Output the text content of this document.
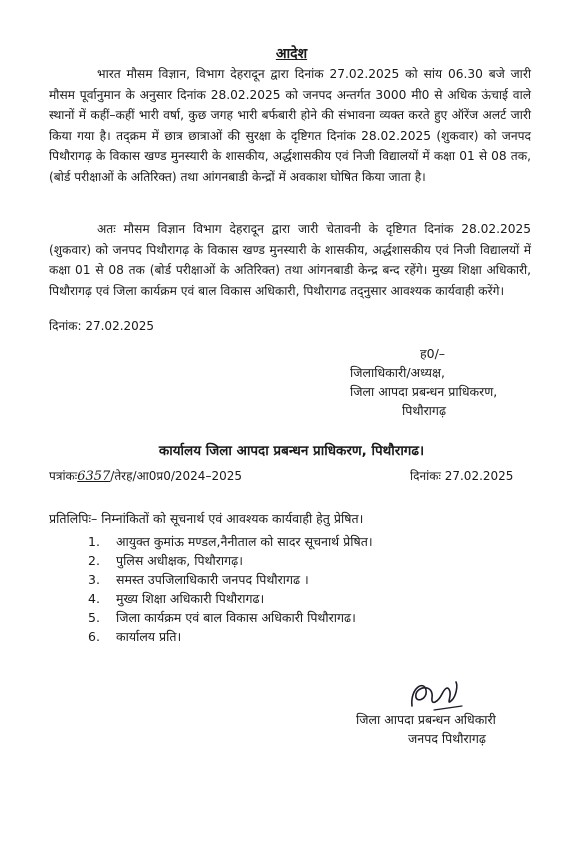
आदेश
भारत मौसम विज्ञान, विभाग देहरादून द्वारा दिनांक 27.02.2025 को सांय 06.30 बजे जारी मौसम पूर्वानुमान के अनुसार दिनांक 28.02.2025 को जनपद अन्तर्गत 3000 मी0 से अधिक ऊंचाई वाले स्थानों में कहीं–कहीं भारी वर्षा, कुछ जगह भारी बर्फबारी होने की संभावना व्यक्त करते हुए ऑरेंज अलर्ट जारी किया गया है। तद्क्रम में छात्र छात्राओं की सुरक्षा के दृष्टिगत दिनांक 28.02.2025 (शुकवार) को जनपद पिथौरागढ़ के विकास खण्ड मुनस्यारी के शासकीय, अर्द्धशासकीय एवं निजी विद्यालयों में कक्षा 01 से 08 तक, (बोर्ड परीक्षाओं के अतिरिक्त) तथा आंगनबाडी केन्द्रों में अवकाश घोषित किया जाता है।
अतः मौसम विज्ञान विभाग देहरादून द्वारा जारी चेतावनी के दृष्टिगत दिनांक 28.02.2025 (शुकवार) को जनपद पिथौरागढ़ के विकास खण्ड मुनस्यारी के शासकीय, अर्द्धशासकीय एवं निजी विद्यालयों में कक्षा 01 से 08 तक (बोर्ड परीक्षाओं के अतिरिक्त) तथा आंगनबाडी केन्द्र बन्द रहेंगे। मुख्य शिक्षा अधिकारी, पिथौरागढ़ एवं जिला कार्यक्रम एवं बाल विकास अधिकारी, पिथौरागढ तद्नुसार आवश्यक कार्यवाही करेंगे।
दिनांक: 27.02.2025
ह0/–
जिलाधिकारी/अध्यक्ष,
जिला आपदा प्रबन्धन प्राधिकरण,
पिथौरागढ़
कार्यालय जिला आपदा प्रबन्धन प्राधिकरण, पिथौरागढ।
पत्रांकः6357/तेरह/आ0प्र0/2024–2025	दिनांकः 27.02.2025
प्रतिलिपिः– निम्नांकितों को सूचनार्थ एवं आवश्यक कार्यवाही हेतु प्रेषित।
1. आयुक्त कुमांऊ मण्डल,नैनीताल को सादर सूचनार्थ प्रेषित।
2. पुलिस अधीक्षक, पिथौरागढ़।
3. समस्त उपजिलाधिकारी जनपद पिथौरागढ ।
4. मुख्य शिक्षा अधिकारी पिथौरागढ।
5. जिला कार्यक्रम एवं बाल विकास अधिकारी पिथौरागढ।
6. कार्यालय प्रति।
जिला आपदा प्रबन्धन अधिकारी
जनपद पिथौरागढ़
